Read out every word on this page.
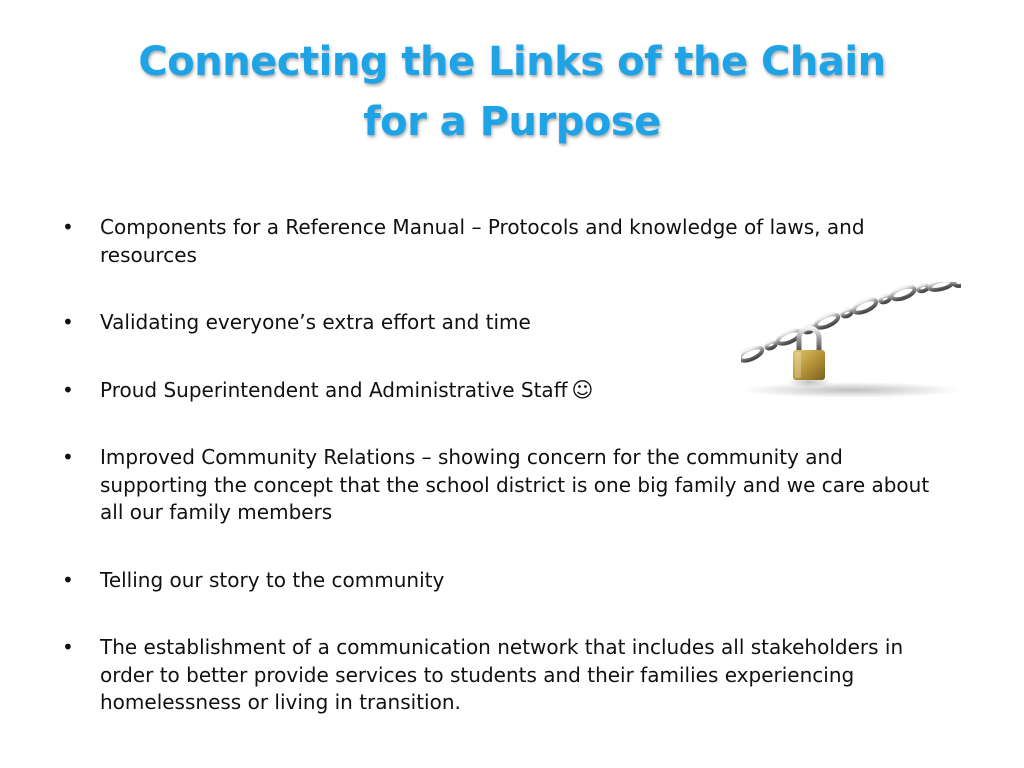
Connecting the Links of the Chain
for a Purpose
• Components for a Reference Manual – Protocols and knowledge of laws, and resources
• Validating everyone’s extra effort and time
• Proud Superintendent and Administrative Staff ☺
• Improved Community Relations – showing concern for the community and supporting the concept that the school district is one big family and we care about all our family members
• Telling our story to the community
• The establishment of a communication network that includes all stakeholders in order to better provide services to students and their families experiencing homelessness or living in transition.
